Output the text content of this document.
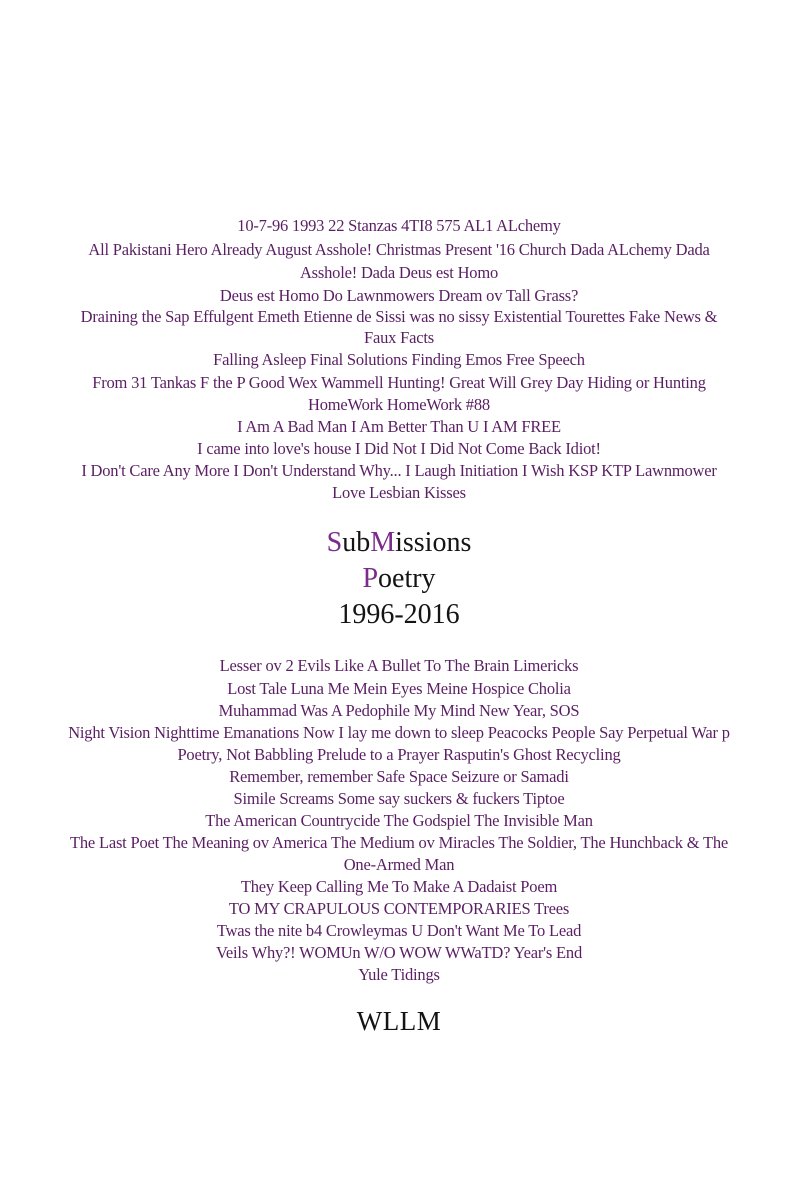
10-7-96 1993 22 Stanzas 4TI8 575 AL1 ALchemy
All Pakistani Hero Already August Asshole! Christmas Present '16 Church Dada ALchemy Dada
Asshole! Dada Deus est Homo
Deus est Homo Do Lawnmowers Dream ov Tall Grass?
Draining the Sap Effulgent Emeth Etienne de Sissi was no sissy Existential Tourettes Fake News &
Faux Facts
Falling Asleep Final Solutions Finding Emos Free Speech
From 31 Tankas F the P Good Wex Wammell Hunting! Great Will Grey Day Hiding or Hunting
HomeWork HomeWork #88
I Am A Bad Man I Am Better Than U I AM FREE
I came into love's house I Did Not I Did Not Come Back Idiot!
I Don't Care Any More I Don't Understand Why... I Laugh Initiation I Wish KSP KTP Lawnmower
Love Lesbian Kisses
SubMissions
Poetry
1996-2016
Lesser ov 2 Evils Like A Bullet To The Brain Limericks
Lost Tale Luna Me Mein Eyes Meine Hospice Cholia
Muhammad Was A Pedophile My Mind New Year, SOS
Night Vision Nighttime Emanations Now I lay me down to sleep Peacocks People Say Perpetual War p
Poetry, Not Babbling Prelude to a Prayer Rasputin's Ghost Recycling
Remember, remember Safe Space Seizure or Samadi
Simile Screams Some say suckers & fuckers Tiptoe
The American Countrycide The Godspiel The Invisible Man
The Last Poet The Meaning ov America The Medium ov Miracles The Soldier, The Hunchback & The
One-Armed Man
They Keep Calling Me To Make A Dadaist Poem
TO MY CRAPULOUS CONTEMPORARIES Trees
Twas the nite b4 Crowleymas U Don't Want Me To Lead
Veils Why?! WOMUn W/O WOW WWaTD? Year's End
Yule Tidings
WLLM
